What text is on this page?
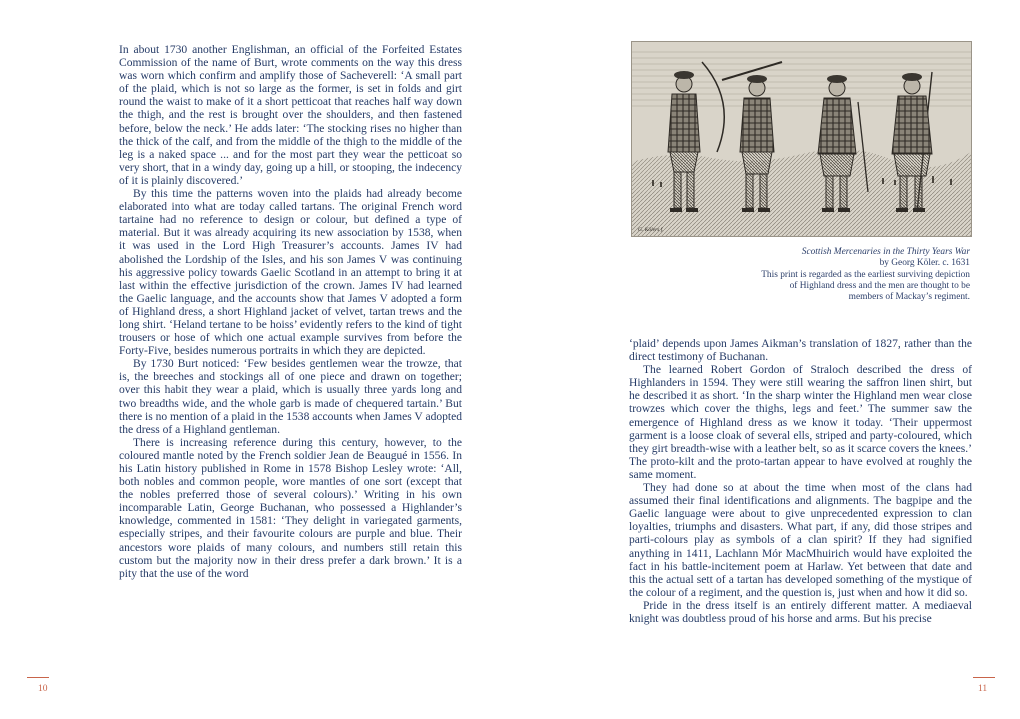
In about 1730 another Englishman, an official of the Forfeited Estates Commission of the name of Burt, wrote comments on the way this dress was worn which confirm and amplify those of Sacheverell: ‘A small part of the plaid, which is not so large as the former, is set in folds and girt round the waist to make of it a short petticoat that reaches half way down the thigh, and the rest is brought over the shoulders, and then fastened before, below the neck.’ He adds later: ‘The stocking rises no higher than the thick of the calf, and from the middle of the thigh to the middle of the leg is a naked space ... and for the most part they wear the petticoat so very short, that in a windy day, going up a hill, or stooping, the indecency of it is plainly discovered.’

By this time the patterns woven into the plaids had already become elaborated into what are today called tartans. The original French word tartaine had no reference to design or colour, but defined a type of material. But it was already acquiring its new association by 1538, when it was used in the Lord High Treasurer’s accounts. James IV had abolished the Lordship of the Isles, and his son James V was continuing his aggressive policy towards Gaelic Scotland in an attempt to bring it at last within the effective jurisdiction of the crown. James IV had learned the Gaelic language, and the accounts show that James V adopted a form of Highland dress, a short Highland jacket of velvet, tartan trews and the long shirt. ‘Heland tertane to be hoiss’ evidently refers to the kind of tight trousers or hose of which one actual example survives from before the Forty-Five, besides numerous portraits in which they are depicted.

By 1730 Burt noticed: ‘Few besides gentlemen wear the trowze, that is, the breeches and stockings all of one piece and drawn on together; over this habit they wear a plaid, which is usually three yards long and two breadths wide, and the whole garb is made of chequered tartain.’ But there is no mention of a plaid in the 1538 accounts when James V adopted the dress of a Highland gentleman.

There is increasing reference during this century, however, to the coloured mantle noted by the French soldier Jean de Beaugué in 1556. In his Latin history published in Rome in 1578 Bishop Lesley wrote: ‘All, both nobles and common people, wore mantles of one sort (except that the nobles preferred those of several colours).’ Writing in his own incomparable Latin, George Buchanan, who possessed a Highlander’s knowledge, commented in 1581: ‘They delight in variegated garments, especially stripes, and their favourite colours are purple and blue. Their ancestors wore plaids of many colours, and numbers still retain this custom but the majority now in their dress prefer a dark brown.’ It is a pity that the use of the word

10
G. Kölers f.
Scottish Mercenaries in the Thirty Years War
by Georg Köler. c. 1631
This print is regarded as the earliest surviving depiction
of Highland dress and the men are thought to be
members of Mackay’s regiment.

‘plaid’ depends upon James Aikman’s translation of 1827, rather than the direct testimony of Buchanan.

The learned Robert Gordon of Straloch described the dress of Highlanders in 1594. They were still wearing the saffron linen shirt, but he described it as short. ‘In the sharp winter the Highland men wear close trowzes which cover the thighs, legs and feet.’ The summer saw the emergence of Highland dress as we know it today. ‘Their uppermost garment is a loose cloak of several ells, striped and party-coloured, which they girt breadth-wise with a leather belt, so as it scarce covers the knees.’ The proto-kilt and the proto-tartan appear to have evolved at roughly the same moment.

They had done so at about the time when most of the clans had assumed their final identifications and alignments. The bagpipe and the Gaelic language were about to give unprecedented expression to clan loyalties, triumphs and disasters. What part, if any, did those stripes and parti-colours play as symbols of a clan spirit? If they had signified anything in 1411, Lachlann Mór MacMhuirich would have exploited the fact in his battle-incitement poem at Harlaw. Yet between that date and this the actual sett of a tartan has developed something of the mystique of the colour of a regiment, and the question is, just when and how it did so.

Pride in the dress itself is an entirely different matter. A mediaeval knight was doubtless proud of his horse and arms. But his precise

11
